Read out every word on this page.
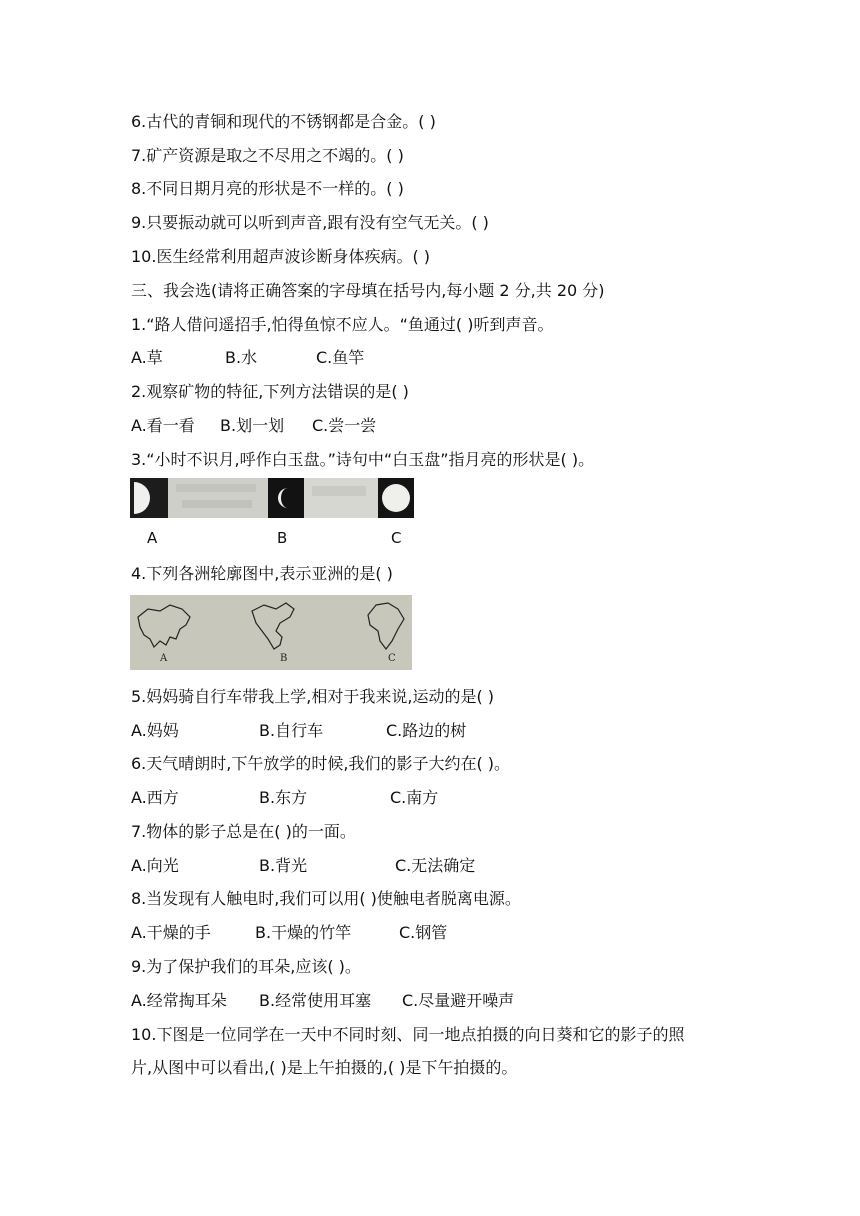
6.古代的青铜和现代的不锈钢都是合金。( )
7.矿产资源是取之不尽用之不竭的。( )
8.不同日期月亮的形状是不一样的。( )
9.只要振动就可以听到声音,跟有没有空气无关。( )
10.医生经常利用超声波诊断身体疾病。( )
三、我会选(请将正确答案的字母填在括号内,每小题 2 分,共 20 分)
1.“路人借问遥招手,怕得鱼惊不应人。“鱼通过( )听到声音。
A.草	B.水	C.鱼竿
2.观察矿物的特征,下列方法错误的是( )
A.看一看 B.划一划 C.尝一尝
3.“小时不识月,呼作白玉盘。”诗句中“白玉盘”指月亮的形状是( )。
A	B	C
4.下列各洲轮廓图中,表示亚洲的是( )
A	B	C
5.妈妈骑自行车带我上学,相对于我来说,运动的是( )
A.妈妈	B.自行车	C.路边的树
6.天气晴朗时,下午放学的时候,我们的影子大约在( )。
A.西方	B.东方	C.南方
7.物体的影子总是在( )的一面。
A.向光	B.背光	C.无法确定
8.当发现有人触电时,我们可以用( )使触电者脱离电源。
A.干燥的手	B.干燥的竹竿	C.钢管
9.为了保护我们的耳朵,应该( )。
A.经常掏耳朵 B.经常使用耳塞 C.尽量避开噪声
10.下图是一位同学在一天中不同时刻、同一地点拍摄的向日葵和它的影子的照
片,从图中可以看出,( )是上午拍摄的,( )是下午拍摄的。
